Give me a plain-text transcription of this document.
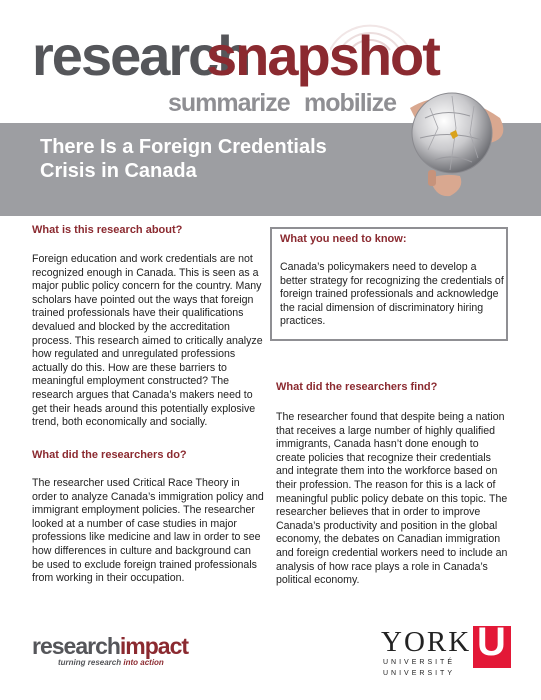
research
snapshot
summarize mobilize
There Is a Foreign Credentials Crisis in Canada
What is this research about?

Foreign education and work credentials are not recognized enough in Canada. This is seen as a major public policy concern for the country. Many scholars have pointed out the ways that foreign trained professionals have their qualifications devalued and blocked by the accreditation process. This research aimed to critically analyze how regulated and unregulated professions actually do this. How are these barriers to meaningful employment constructed? The research argues that Canada’s makers need to get their heads around this potentially explosive trend, both economically and socially.

What did the researchers do?

The researcher used Critical Race Theory in order to analyze Canada’s immigration policy and immigrant employment policies. The researcher looked at a number of case studies in major professions like medicine and law in order to see how differences in culture and background can be used to exclude foreign trained professionals from working in their occupation.

What you need to know:

Canada’s policymakers need to develop a better strategy for recognizing the credentials of foreign trained professionals and acknowledge the racial dimension of discriminatory hiring practices.

What did the researchers find?

The researcher found that despite being a nation that receives a large number of highly qualified immigrants, Canada hasn’t done enough to create policies that recognize their credentials and integrate them into the workforce based on their profession. The reason for this is a lack of meaningful public policy debate on this topic. The researcher believes that in order to improve Canada’s productivity and position in the global economy, the debates on Canadian immigration and foreign credential workers need to include an analysis of how race plays a role in Canada’s political economy.

researchimpact
turning research into action
YORK
UNIVERSITÉ
UNIVERSITY
U
